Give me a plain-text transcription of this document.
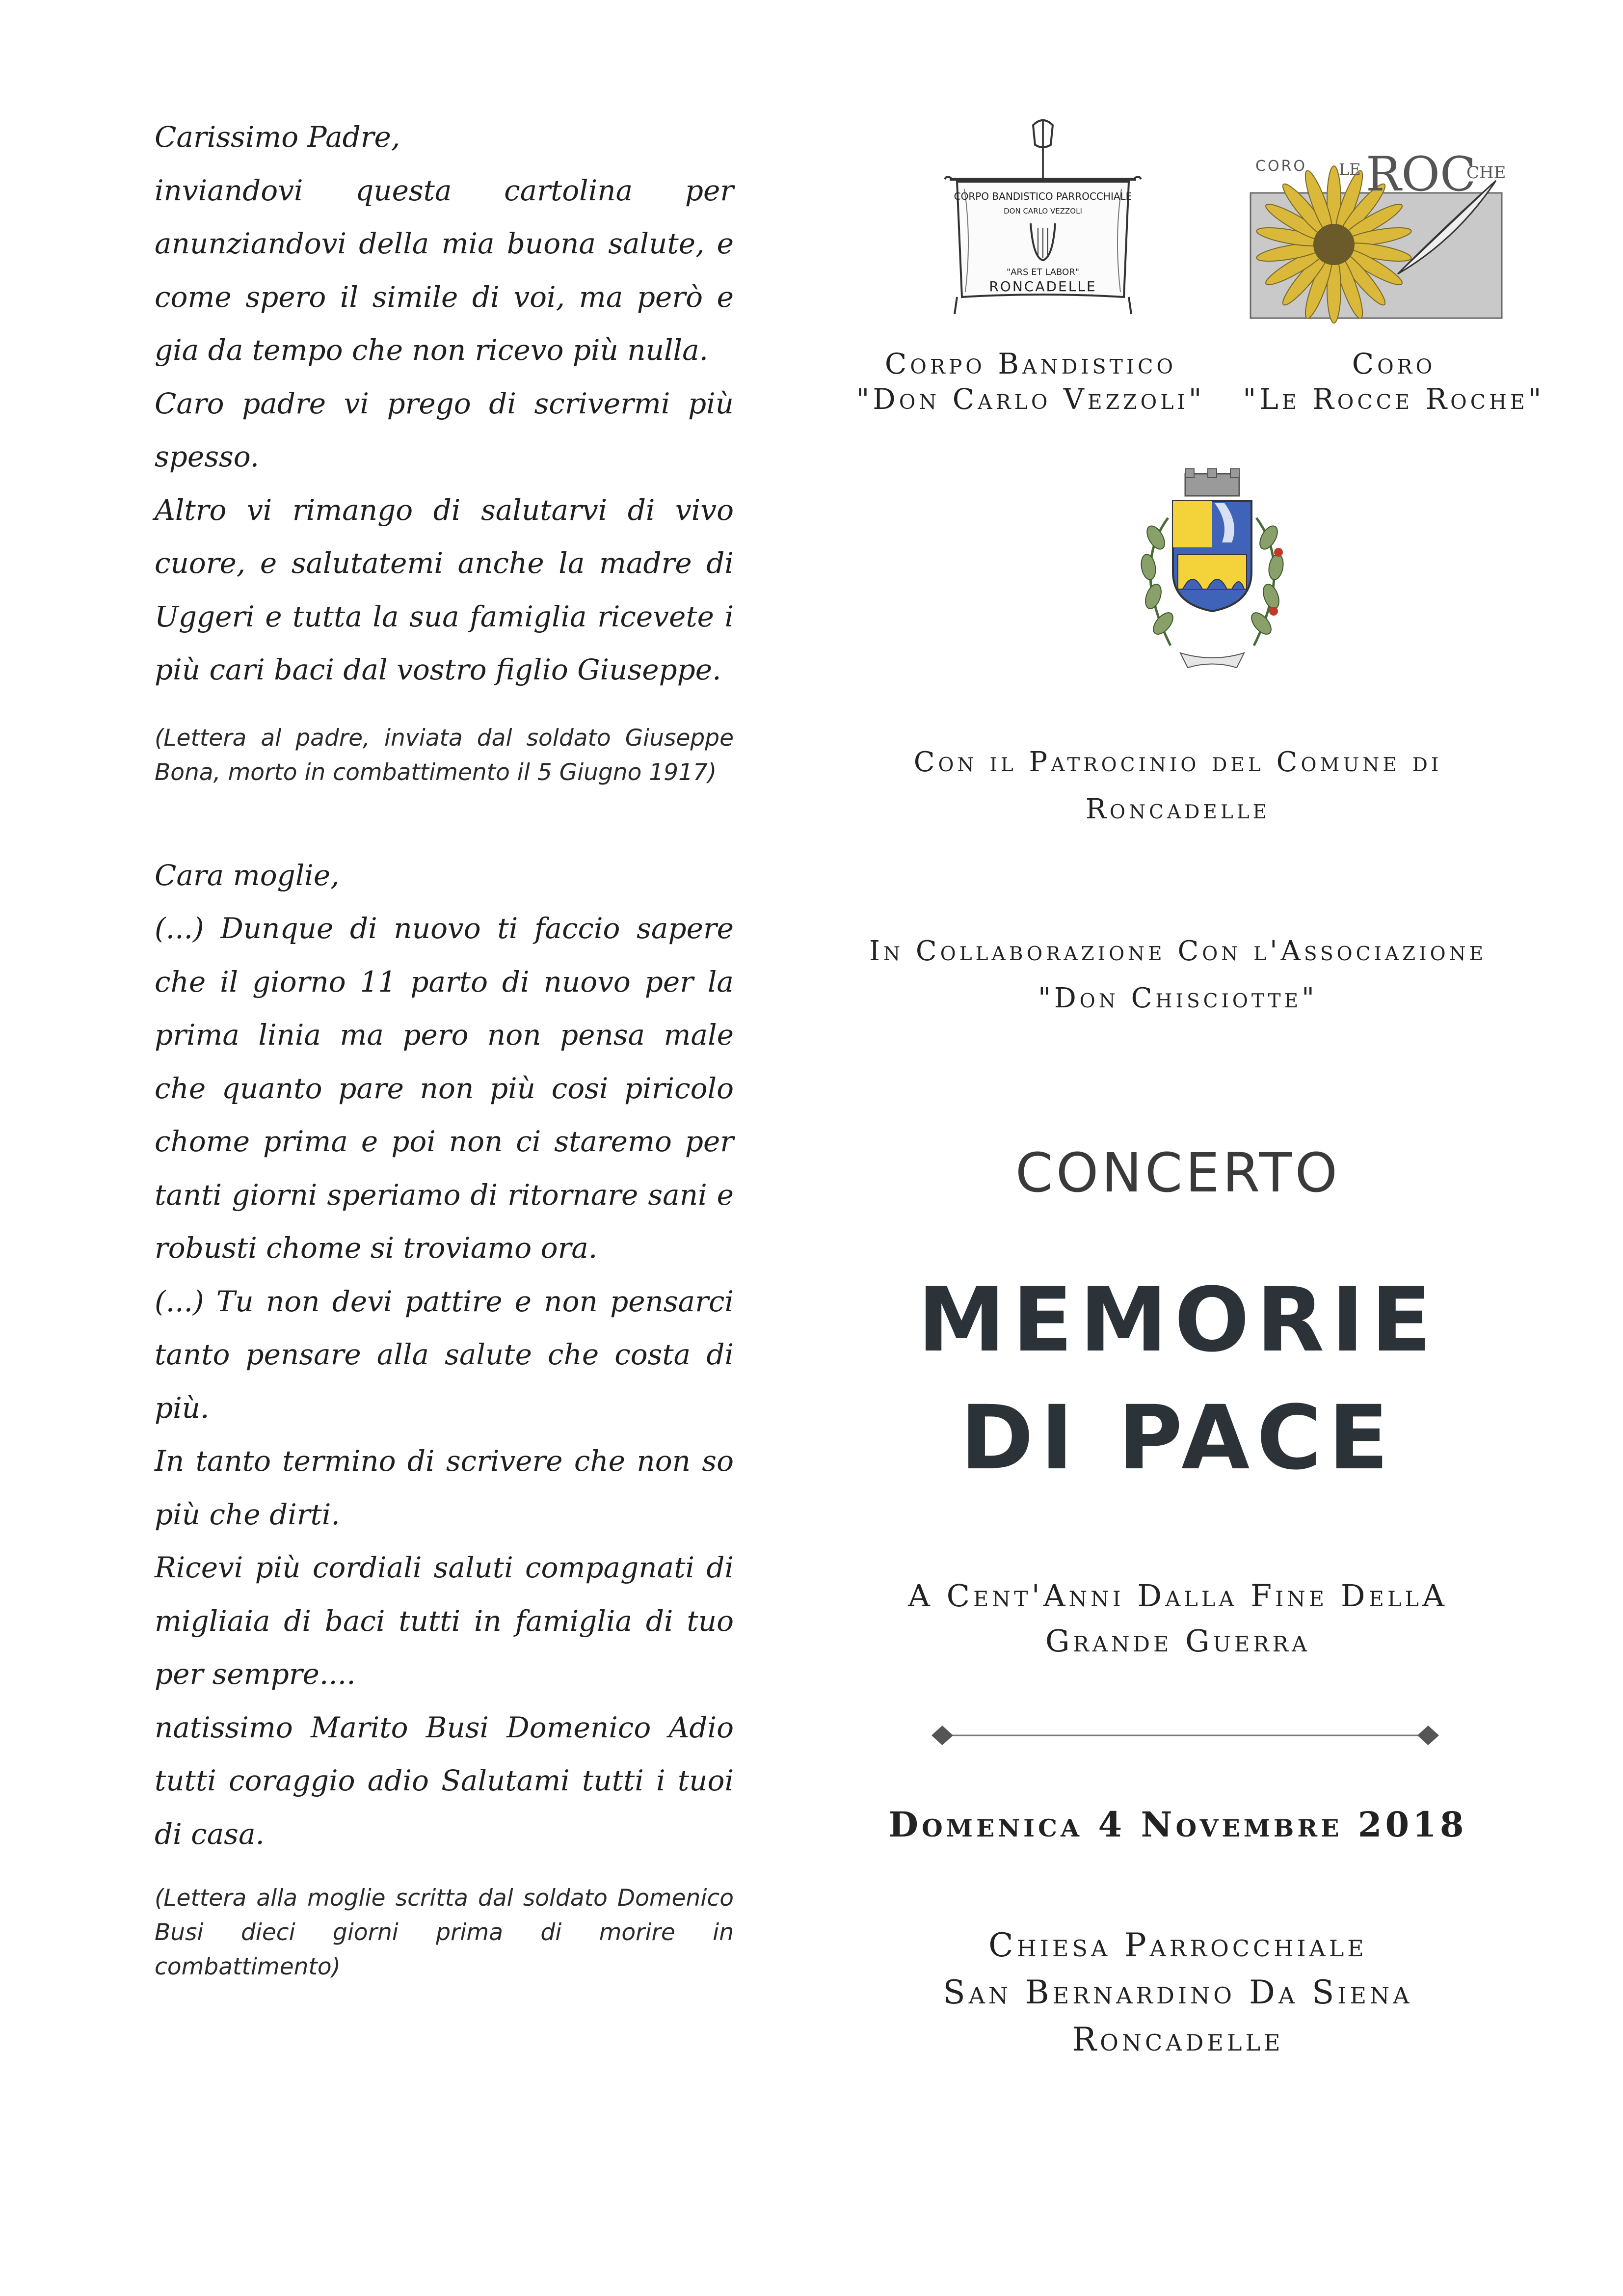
Carissimo Padre,

inviandovi questa cartolina per anunziandovi della mia buona salute, e come spero il simile di voi, ma però e gia da tempo che non ricevo più nulla.

Caro padre vi prego di scrivermi più spesso.

Altro vi rimango di salutarvi di vivo cuore, e salutatemi anche la madre di Uggeri e tutta la sua famiglia ricevete i più cari baci dal vostro figlio Giuseppe.

(Lettera al padre, inviata dal soldato Giuseppe Bona, morto in combattimento il 5 Giugno 1917)

Cara moglie,

(...) Dunque di nuovo ti faccio sapere che il giorno 11 parto di nuovo per la prima linia ma pero non pensa male che quanto pare non più cosi piricolo chome prima e poi non ci staremo per tanti giorni speriamo di ritornare sani e robusti chome si troviamo ora.

(...) Tu non devi pattire e non pensarci tanto pensare alla salute che costa di più.

In tanto termino di scrivere che non so più che dirti.

Ricevi più cordiali saluti compagnati di migliaia di baci tutti in famiglia di tuo per sempre....

natissimo Marito Busi Domenico Adio tutti coraggio adio Salutami tutti i tuoi di casa.

(Lettera alla moglie scritta dal soldato Domenico Busi dieci giorni prima di morire in combattimento)
CORPO BANDISTICO PARROCCHIALE
DON CARLO VEZZOLI
"ARS ET LABOR"
RONCADELLE
CORO LE ROC
CHE
Corpo Bandistico
"Don Carlo Vezzoli"
Coro
"Le Rocce Roche"
Con il Patrocinio del Comune di
Roncadelle
In Collaborazione Con l'Associazione
"Don Chisciotte"
CONCERTO
MEMORIE
DI PACE
A Cent'Anni Dalla Fine DellA
Grande Guerra
Domenica 4 Novembre 2018
Chiesa Parrocchiale
San Bernardino Da Siena
Roncadelle
